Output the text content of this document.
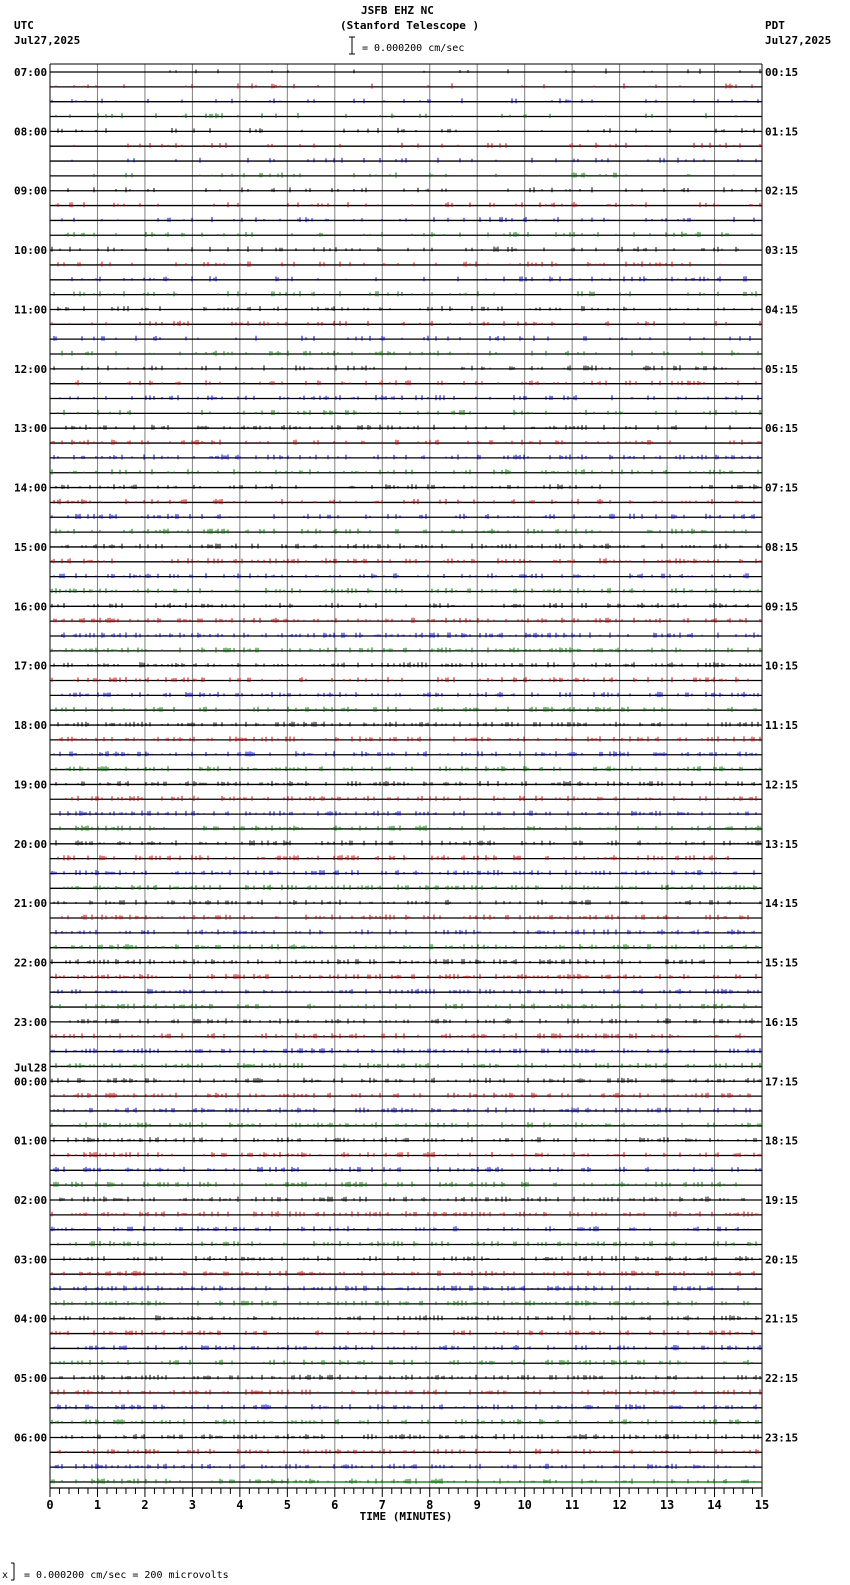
JSFB EHZ NC
(Stanford Telescope )
UTC
Jul27,2025
PDT
Jul27,2025
= 0.000200 cm/sec
07:00
08:00
09:00
10:00
11:00
12:00
13:00
14:00
15:00
16:00
17:00
18:00
19:00
20:00
21:00
22:00
23:00
00:00
Jul28
01:00
02:00
03:00
04:00
05:00
06:00
00:15
01:15
02:15
03:15
04:15
05:15
06:15
07:15
08:15
09:15
10:15
11:15
12:15
13:15
14:15
15:15
16:15
17:15
18:15
19:15
20:15
21:15
22:15
23:15
0	1	2	3	4	5	6	7	8	9	10	11	12	13	14	15
TIME (MINUTES)
x = 0.000200 cm/sec = 200 microvolts
